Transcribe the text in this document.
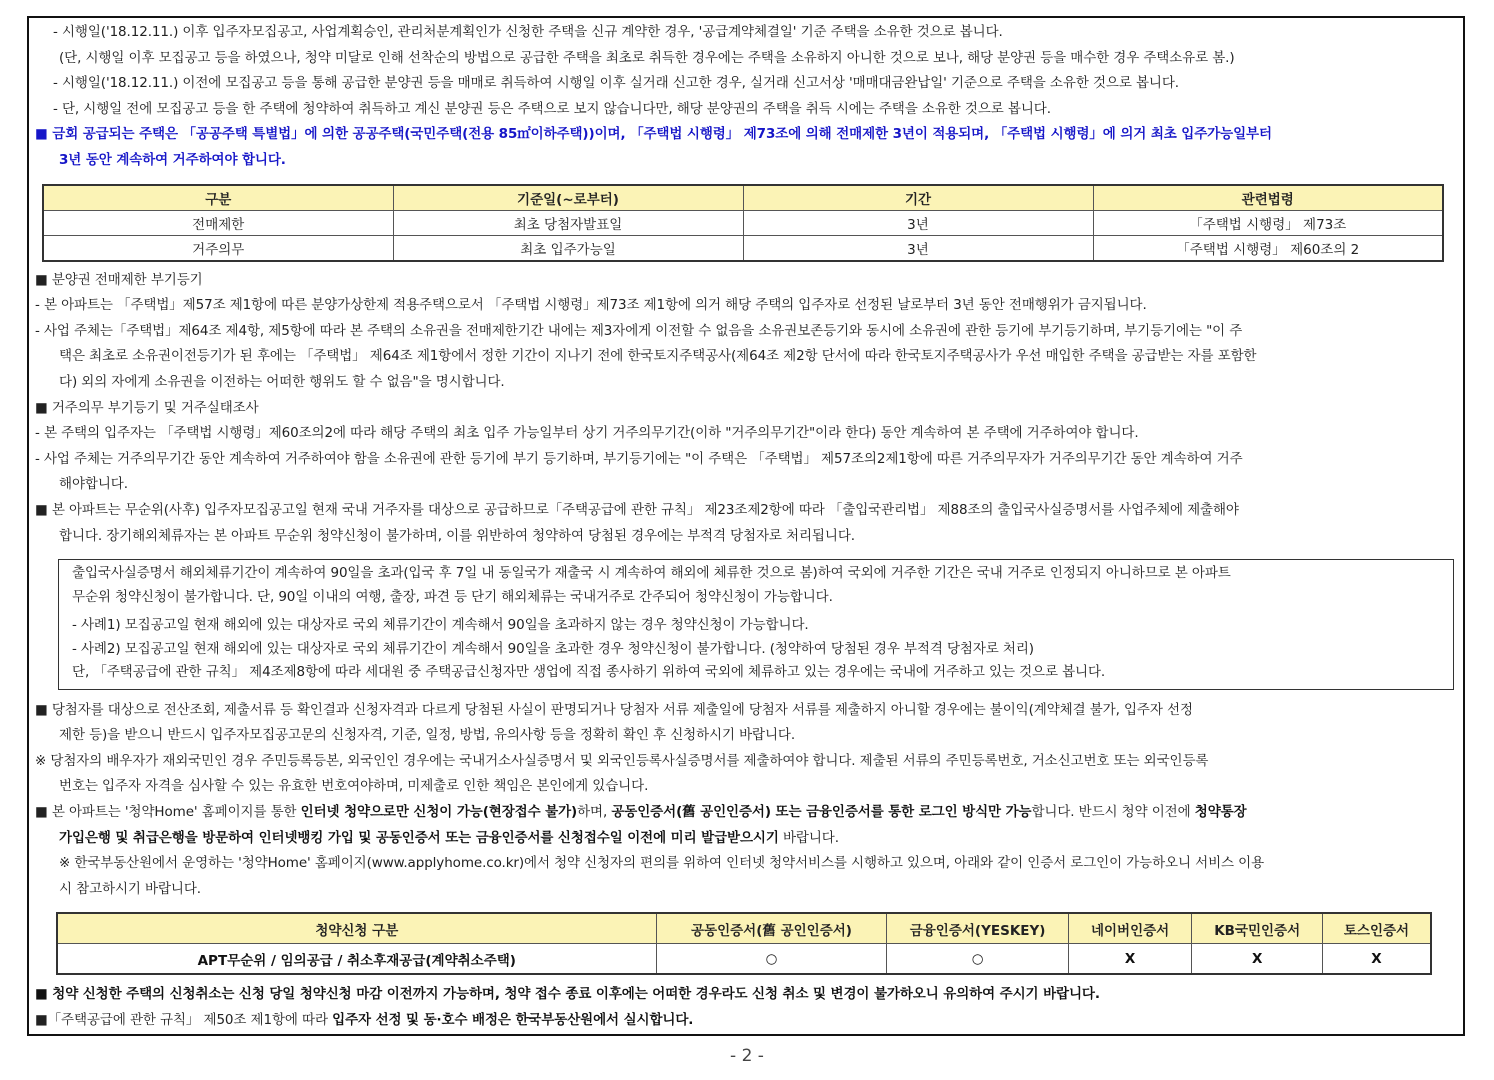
- 시행일('18.12.11.) 이후 입주자모집공고, 사업계획승인, 관리처분계획인가 신청한 주택을 신규 계약한 경우, '공급계약체결일' 기준 주택을 소유한 것으로 봅니다.
(단, 시행일 이후 모집공고 등을 하였으나, 청약 미달로 인해 선착순의 방법으로 공급한 주택을 최초로 취득한 경우에는 주택을 소유하지 아니한 것으로 보나, 해당 분양권 등을 매수한 경우 주택소유로 봄.)
- 시행일('18.12.11.) 이전에 모집공고 등을 통해 공급한 분양권 등을 매매로 취득하여 시행일 이후 실거래 신고한 경우, 실거래 신고서상 '매매대금완납일' 기준으로 주택을 소유한 것으로 봅니다.
- 단, 시행일 전에 모집공고 등을 한 주택에 청약하여 취득하고 계신 분양권 등은 주택으로 보지 않습니다만, 해당 분양권의 주택을 취득 시에는 주택을 소유한 것으로 봅니다.
■ 금회 공급되는 주택은 「공공주택 특별법」에 의한 공공주택(국민주택(전용 85㎡이하주택))이며, 「주택법 시행령」 제73조에 의해 전매제한 3년이 적용되며, 「주택법 시행령」에 의거 최초 입주가능일부터
3년 동안 계속하여 거주하여야 합니다.
구분	기준일(~로부터)	기간	관련법령
전매제한	최초 당첨자발표일	3년	「주택법 시행령」 제73조
거주의무	최초 입주가능일	3년	「주택법 시행령」 제60조의 2
■ 분양권 전매제한 부기등기
- 본 아파트는 「주택법」제57조 제1항에 따른 분양가상한제 적용주택으로서 「주택법 시행령」제73조 제1항에 의거 해당 주택의 입주자로 선정된 날로부터 3년 동안 전매행위가 금지됩니다.
- 사업 주체는「주택법」제64조 제4항, 제5항에 따라 본 주택의 소유권을 전매제한기간 내에는 제3자에게 이전할 수 없음을 소유권보존등기와 동시에 소유권에 관한 등기에 부기등기하며, 부기등기에는 "이 주
택은 최초로 소유권이전등기가 된 후에는 「주택법」 제64조 제1항에서 정한 기간이 지나기 전에 한국토지주택공사(제64조 제2항 단서에 따라 한국토지주택공사가 우선 매입한 주택을 공급받는 자를 포함한
다) 외의 자에게 소유권을 이전하는 어떠한 행위도 할 수 없음"을 명시합니다.
■ 거주의무 부기등기 및 거주실태조사
- 본 주택의 입주자는 「주택법 시행령」제60조의2에 따라 해당 주택의 최초 입주 가능일부터 상기 거주의무기간(이하 "거주의무기간"이라 한다) 동안 계속하여 본 주택에 거주하여야 합니다.
- 사업 주체는 거주의무기간 동안 계속하여 거주하여야 함을 소유권에 관한 등기에 부기 등기하며, 부기등기에는 "이 주택은 「주택법」 제57조의2제1항에 따른 거주의무자가 거주의무기간 동안 계속하여 거주
해야합니다.
■ 본 아파트는 무순위(사후) 입주자모집공고일 현재 국내 거주자를 대상으로 공급하므로「주택공급에 관한 규칙」 제23조제2항에 따라 「출입국관리법」 제88조의 출입국사실증명서를 사업주체에 제출해야
합니다. 장기해외체류자는 본 아파트 무순위 청약신청이 불가하며, 이를 위반하여 청약하여 당첨된 경우에는 부적격 당첨자로 처리됩니다.
출입국사실증명서 해외체류기간이 계속하여 90일을 초과(입국 후 7일 내 동일국가 재출국 시 계속하여 해외에 체류한 것으로 봄)하여 국외에 거주한 기간은 국내 거주로 인정되지 아니하므로 본 아파트
무순위 청약신청이 불가합니다. 단, 90일 이내의 여행, 출장, 파견 등 단기 해외체류는 국내거주로 간주되어 청약신청이 가능합니다.
- 사례1) 모집공고일 현재 해외에 있는 대상자로 국외 체류기간이 계속해서 90일을 초과하지 않는 경우 청약신청이 가능합니다.
- 사례2) 모집공고일 현재 해외에 있는 대상자로 국외 체류기간이 계속해서 90일을 초과한 경우 청약신청이 불가합니다. (청약하여 당첨된 경우 부적격 당첨자로 처리)
단, 「주택공급에 관한 규칙」 제4조제8항에 따라 세대원 중 주택공급신청자만 생업에 직접 종사하기 위하여 국외에 체류하고 있는 경우에는 국내에 거주하고 있는 것으로 봅니다.
■ 당첨자를 대상으로 전산조회, 제출서류 등 확인결과 신청자격과 다르게 당첨된 사실이 판명되거나 당첨자 서류 제출일에 당첨자 서류를 제출하지 아니할 경우에는 불이익(계약체결 불가, 입주자 선정
제한 등)을 받으니 반드시 입주자모집공고문의 신청자격, 기준, 일정, 방법, 유의사항 등을 정확히 확인 후 신청하시기 바랍니다.
※ 당첨자의 배우자가 재외국민인 경우 주민등록등본, 외국인인 경우에는 국내거소사실증명서 및 외국인등록사실증명서를 제출하여야 합니다. 제출된 서류의 주민등록번호, 거소신고번호 또는 외국인등록
번호는 입주자 자격을 심사할 수 있는 유효한 번호여야하며, 미제출로 인한 책임은 본인에게 있습니다.
■ 본 아파트는 '청약Home' 홈페이지를 통한 인터넷 청약으로만 신청이 가능(현장접수 불가)하며, 공동인증서(舊 공인인증서) 또는 금융인증서를 통한 로그인 방식만 가능합니다. 반드시 청약 이전에 청약통장
가입은행 및 취급은행을 방문하여 인터넷뱅킹 가입 및 공동인증서 또는 금융인증서를 신청접수일 이전에 미리 발급받으시기 바랍니다.
※ 한국부동산원에서 운영하는 '청약Home' 홈페이지(www.applyhome.co.kr)에서 청약 신청자의 편의를 위하여 인터넷 청약서비스를 시행하고 있으며, 아래와 같이 인증서 로그인이 가능하오니 서비스 이용
시 참고하시기 바랍니다.
청약신청 구분	공동인증서(舊 공인인증서)	금융인증서(YESKEY)	네이버인증서	KB국민인증서	토스인증서
APT무순위 / 임의공급 / 취소후재공급(계약취소주택)	○	○	X	X	X
■ 청약 신청한 주택의 신청취소는 신청 당일 청약신청 마감 이전까지 가능하며, 청약 접수 종료 이후에는 어떠한 경우라도 신청 취소 및 변경이 불가하오니 유의하여 주시기 바랍니다.
■「주택공급에 관한 규칙」 제50조 제1항에 따라 입주자 선정 및 동·호수 배정은 한국부동산원에서 실시합니다.
- 2 -
